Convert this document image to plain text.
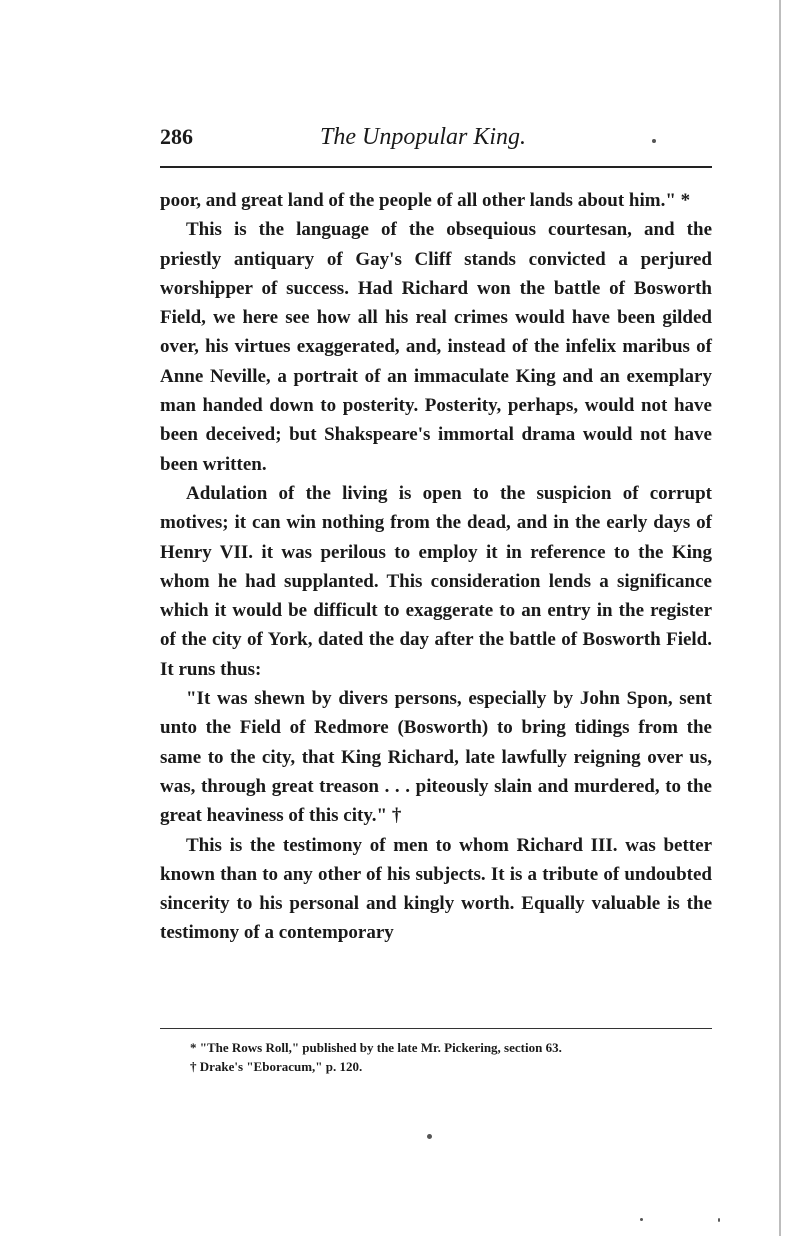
286	The Unpopular King.

poor, and great land of the people of all other lands about him." *

This is the language of the obsequious courtesan, and the priestly antiquary of Gay's Cliff stands convicted a perjured worshipper of success. Had Richard won the battle of Bosworth Field, we here see how all his real crimes would have been gilded over, his virtues exaggerated, and, instead of the infelix maribus of Anne Neville, a portrait of an immaculate King and an exemplary man handed down to posterity. Posterity, perhaps, would not have been deceived; but Shakspeare's immortal drama would not have been written.

Adulation of the living is open to the suspicion of corrupt motives; it can win nothing from the dead, and in the early days of Henry VII. it was perilous to employ it in reference to the King whom he had supplanted. This consideration lends a significance which it would be difficult to exaggerate to an entry in the register of the city of York, dated the day after the battle of Bosworth Field. It runs thus:

"It was shewn by divers persons, especially by John Spon, sent unto the Field of Redmore (Bosworth) to bring tidings from the same to the city, that King Richard, late lawfully reigning over us, was, through great treason . . . piteously slain and murdered, to the great heaviness of this city." †

This is the testimony of men to whom Richard III. was better known than to any other of his subjects. It is a tribute of undoubted sincerity to his personal and kingly worth. Equally valuable is the testimony of a contemporary

* "The Rows Roll," published by the late Mr. Pickering, section 63.

† Drake's "Eboracum," p. 120.
